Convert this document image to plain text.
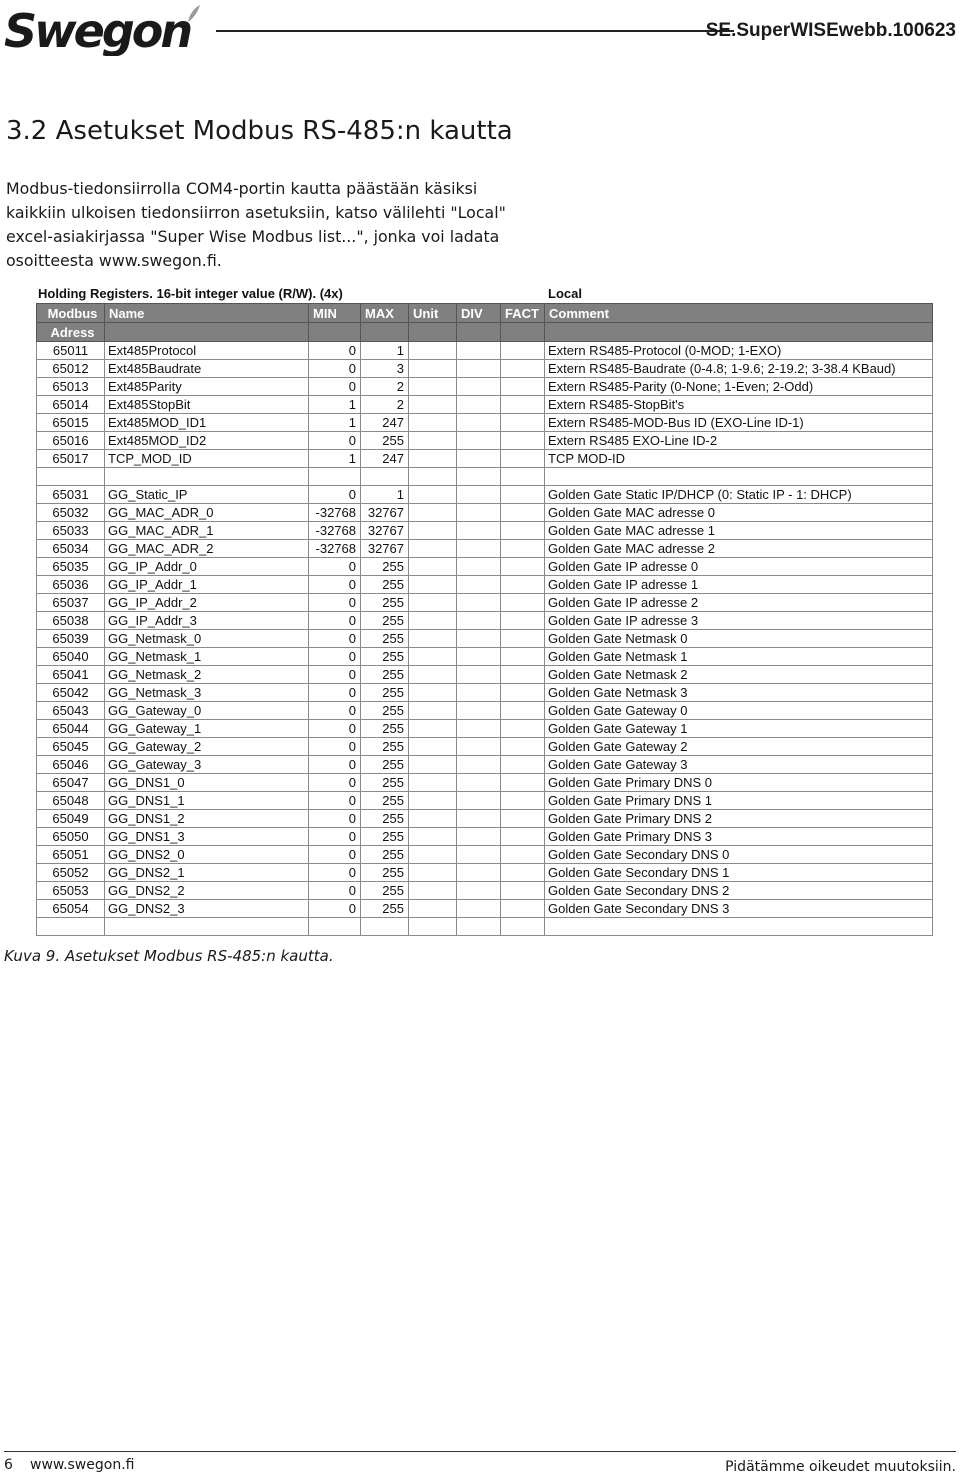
Swegon	SE.SuperWISEwebb.100623
3.2 Asetukset Modbus RS-485:n kautta

Modbus-tiedonsiirrolla COM4-portin kautta päästään käsiksi kaikkiin ulkoisen tiedonsiirron asetuksiin, katso välilehti "Local" excel-asiakirjassa "Super Wise Modbus list...", jonka voi ladata osoitteesta www.swegon.fi.

Holding Registers. 16-bit integer value (R/W). (4x)	Local
Modbus	Name	MIN	MAX	Unit	DIV	FACT	Comment
Adress							
65011	Ext485Protocol	0	1				Extern RS485-Protocol (0-MOD; 1-EXO)
65012	Ext485Baudrate	0	3				Extern RS485-Baudrate (0-4.8; 1-9.6; 2-19.2; 3-38.4 KBaud)
65013	Ext485Parity	0	2				Extern RS485-Parity (0-None; 1-Even; 2-Odd)
65014	Ext485StopBit	1	2				Extern RS485-StopBit's
65015	Ext485MOD_ID1	1	247				Extern RS485-MOD-Bus ID (EXO-Line ID-1)
65016	Ext485MOD_ID2	0	255				Extern RS485 EXO-Line ID-2
65017	TCP_MOD_ID	1	247				TCP MOD-ID

65031	GG_Static_IP	0	1				Golden Gate Static IP/DHCP (0: Static IP - 1: DHCP)
65032	GG_MAC_ADR_0	-32768	32767				Golden Gate MAC adresse 0
65033	GG_MAC_ADR_1	-32768	32767				Golden Gate MAC adresse 1
65034	GG_MAC_ADR_2	-32768	32767				Golden Gate MAC adresse 2
65035	GG_IP_Addr_0	0	255				Golden Gate IP adresse 0
65036	GG_IP_Addr_1	0	255				Golden Gate IP adresse 1
65037	GG_IP_Addr_2	0	255				Golden Gate IP adresse 2
65038	GG_IP_Addr_3	0	255				Golden Gate IP adresse 3
65039	GG_Netmask_0	0	255				Golden Gate Netmask 0
65040	GG_Netmask_1	0	255				Golden Gate Netmask 1
65041	GG_Netmask_2	0	255				Golden Gate Netmask 2
65042	GG_Netmask_3	0	255				Golden Gate Netmask 3
65043	GG_Gateway_0	0	255				Golden Gate Gateway 0
65044	GG_Gateway_1	0	255				Golden Gate Gateway 1
65045	GG_Gateway_2	0	255				Golden Gate Gateway 2
65046	GG_Gateway_3	0	255				Golden Gate Gateway 3
65047	GG_DNS1_0	0	255				Golden Gate Primary DNS 0
65048	GG_DNS1_1	0	255				Golden Gate Primary DNS 1
65049	GG_DNS1_2	0	255				Golden Gate Primary DNS 2
65050	GG_DNS1_3	0	255				Golden Gate Primary DNS 3
65051	GG_DNS2_0	0	255				Golden Gate Secondary DNS 0
65052	GG_DNS2_1	0	255				Golden Gate Secondary DNS 1
65053	GG_DNS2_2	0	255				Golden Gate Secondary DNS 2
65054	GG_DNS2_3	0	255				Golden Gate Secondary DNS 3

Kuva 9. Asetukset Modbus RS-485:n kautta.
6 www.swegon.fi	Pidätämme oikeudet muutoksiin.
